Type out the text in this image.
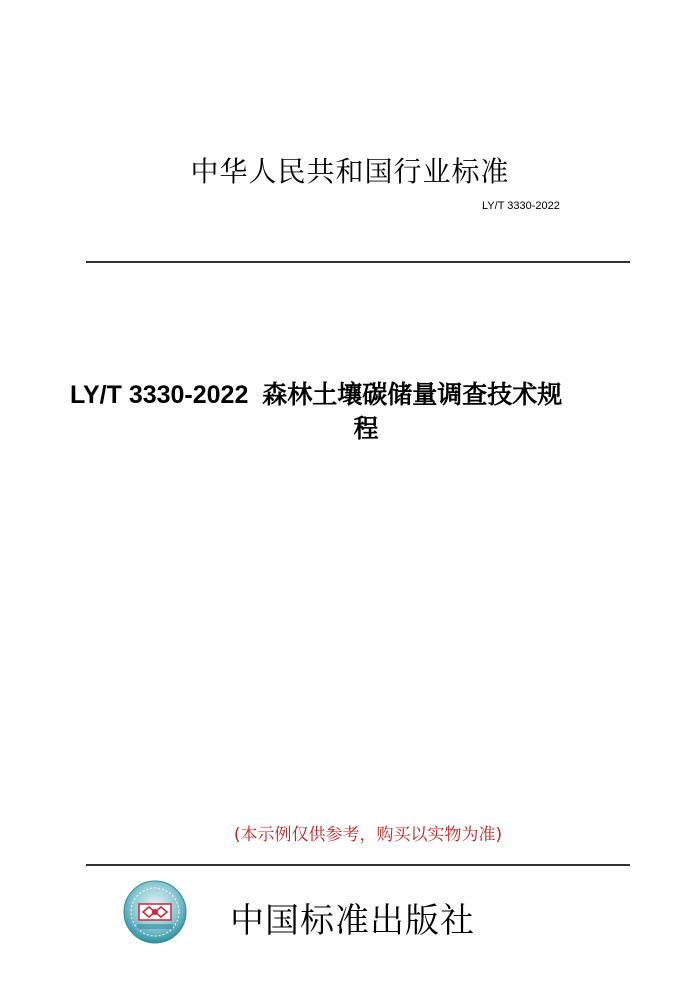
中华人民共和国行业标准
LY/T 3330-2022
LY/T 3330-2022 森林土壤碳储量调查技术规
程
(本示例仅供参考，购买以实物为准)
中国标准出版社
